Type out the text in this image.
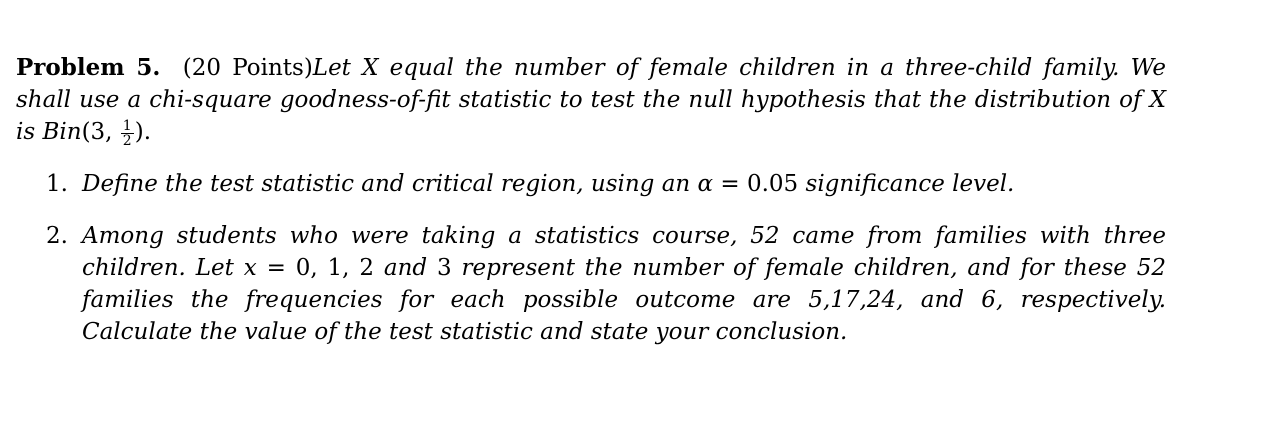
Problem 5. (20 Points)Let X equal the number of female children in a three-child family. We shall use a chi-square goodness-of-fit statistic to test the null hypothesis that the distribution of X is Bin(3, $\frac{1}{2}$ ).

1. Define the test statistic and critical region, using an α = 0.05 significance level.
2. Among students who were taking a statistics course, 52 came from families with three children. Let x = 0, 1, 2 and 3 represent the number of female children, and for these 52 families the frequencies for each possible outcome are 5,17,24, and 6, respectively. Calculate the value of the test statistic and state your conclusion.
